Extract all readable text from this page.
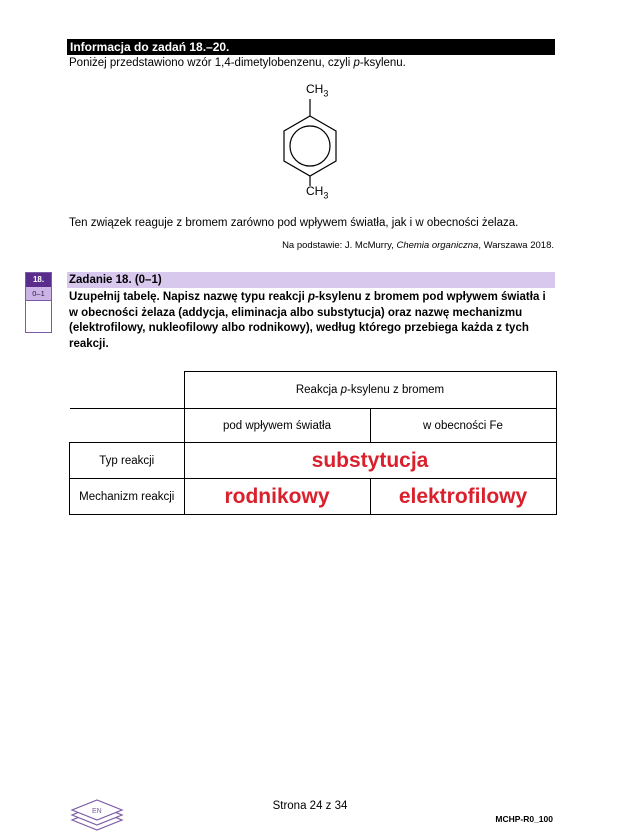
Informacja do zadań 18.–20.
Poniżej przedstawiono wzór 1,4-dimetylobenzenu, czyli p-ksylenu.
$CH_3$
$CH_3$
Ten związek reaguje z bromem zarówno pod wpływem światła, jak i w obecności żelaza.
Na podstawie: J. McMurry, Chemia organiczna, Warszawa 2018.
18.
0–1
Zadanie 18. (0–1)
Uzupełnij tabelę. Napisz nazwę typu reakcji p-ksylenu z bromem pod wpływem światła i w obecności żelaza (addycja, eliminacja albo substytucja) oraz nazwę mechanizmu (elektrofilowy, nukleofilowy albo rodnikowy), według którego przebiega każda z tych reakcji.
	Reakcja p-ksylenu z bromem	
	pod wpływem światła	w obecności Fe
Typ reakcji	substytucja	
Mechanizm reakcji	rodnikowy	elektrofilowy
EN	Strona 24 z 34
MCHP-R0_100
